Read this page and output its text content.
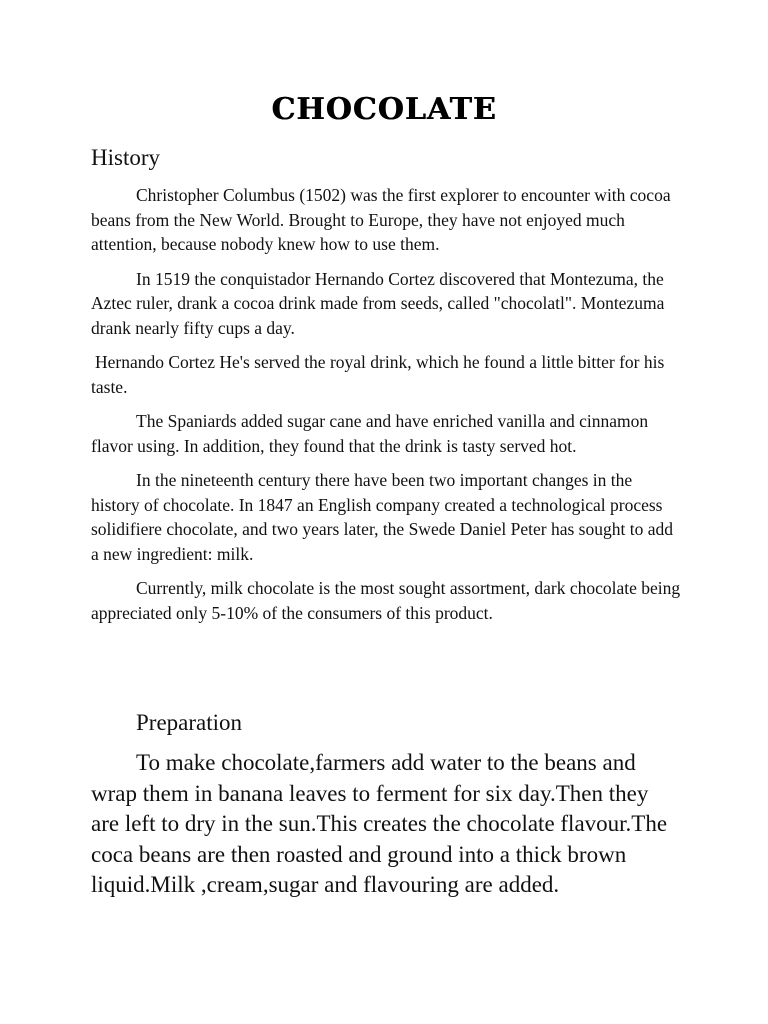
CHOCOLATE
History

Christopher Columbus (1502) was the first explorer to encounter with cocoa beans from the New World. Brought to Europe, they have not enjoyed much attention, because nobody knew how to use them.

In 1519 the conquistador Hernando Cortez discovered that Montezuma, the Aztec ruler, drank a cocoa drink made from seeds, called "chocolatl". Montezuma drank nearly fifty cups a day.

Hernando Cortez He's served the royal drink, which he found a little bitter for his taste.

The Spaniards added sugar cane and have enriched vanilla and cinnamon flavor using. In addition, they found that the drink is tasty served hot.

In the nineteenth century there have been two important changes in the history of chocolate. In 1847 an English company created a technological process solidifiere chocolate, and two years later, the Swede Daniel Peter has sought to add a new ingredient: milk.

Currently, milk chocolate is the most sought assortment, dark chocolate being appreciated only 5-10% of the consumers of this product.

Preparation

To make chocolate,farmers add water to the beans and wrap them in banana leaves to ferment for six day.Then they are left to dry in the sun.This creates the chocolate flavour.The coca beans are then roasted and ground into a thick brown liquid.Milk ,cream,sugar and flavouring are added.
